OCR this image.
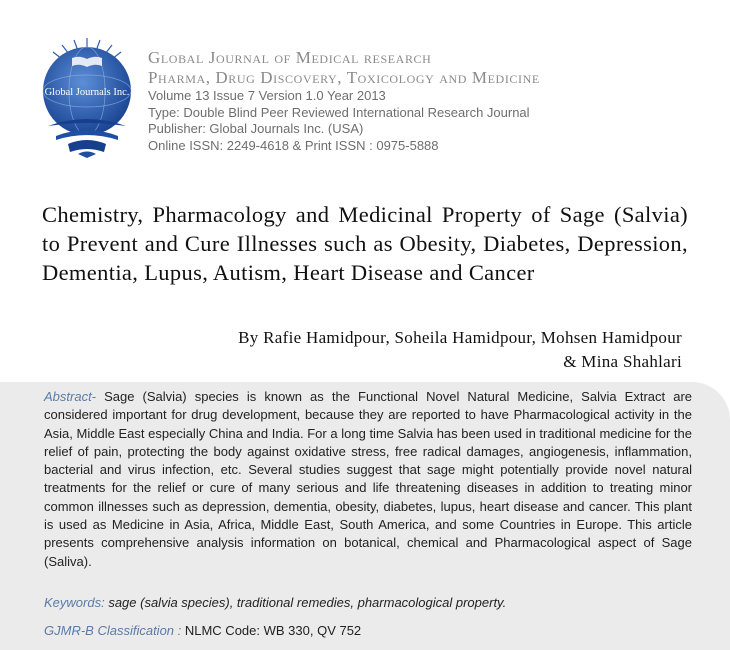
Global Journals Inc.
Global Journal of Medical research
Pharma, Drug Discovery, Toxicology and Medicine
Volume 13 Issue 7 Version 1.0 Year 2013
Type: Double Blind Peer Reviewed International Research Journal
Publisher: Global Journals Inc. (USA)
Online ISSN: 2249-4618 & Print ISSN : 0975-5888
Chemistry, Pharmacology and Medicinal Property of Sage (Salvia) to Prevent and Cure Illnesses such as Obesity, Diabetes, Depression, Dementia, Lupus, Autism, Heart Disease and Cancer
By Rafie Hamidpour, Soheila Hamidpour, Mohsen Hamidpour
& Mina Shahlari
Abstract- Sage (Salvia) species is known as the Functional Novel Natural Medicine, Salvia Extract are considered important for drug development, because they are reported to have Pharmacological activity in the Asia, Middle East especially China and India. For a long time Salvia has been used in traditional medicine for the relief of pain, protecting the body against oxidative stress, free radical damages, angiogenesis, inflammation, bacterial and virus infection, etc. Several studies suggest that sage might potentially provide novel natural treatments for the relief or cure of many serious and life threatening diseases in addition to treating minor common illnesses such as depression, dementia, obesity, diabetes, lupus, heart disease and cancer. This plant is used as Medicine in Asia, Africa, Middle East, South America, and some Countries in Europe. This article presents comprehensive analysis information on botanical, chemical and Pharmacological aspect of Sage (Saliva).
Keywords: sage (salvia species), traditional remedies, pharmacological property.
GJMR-B Classification : NLMC Code: WB 330, QV 752
